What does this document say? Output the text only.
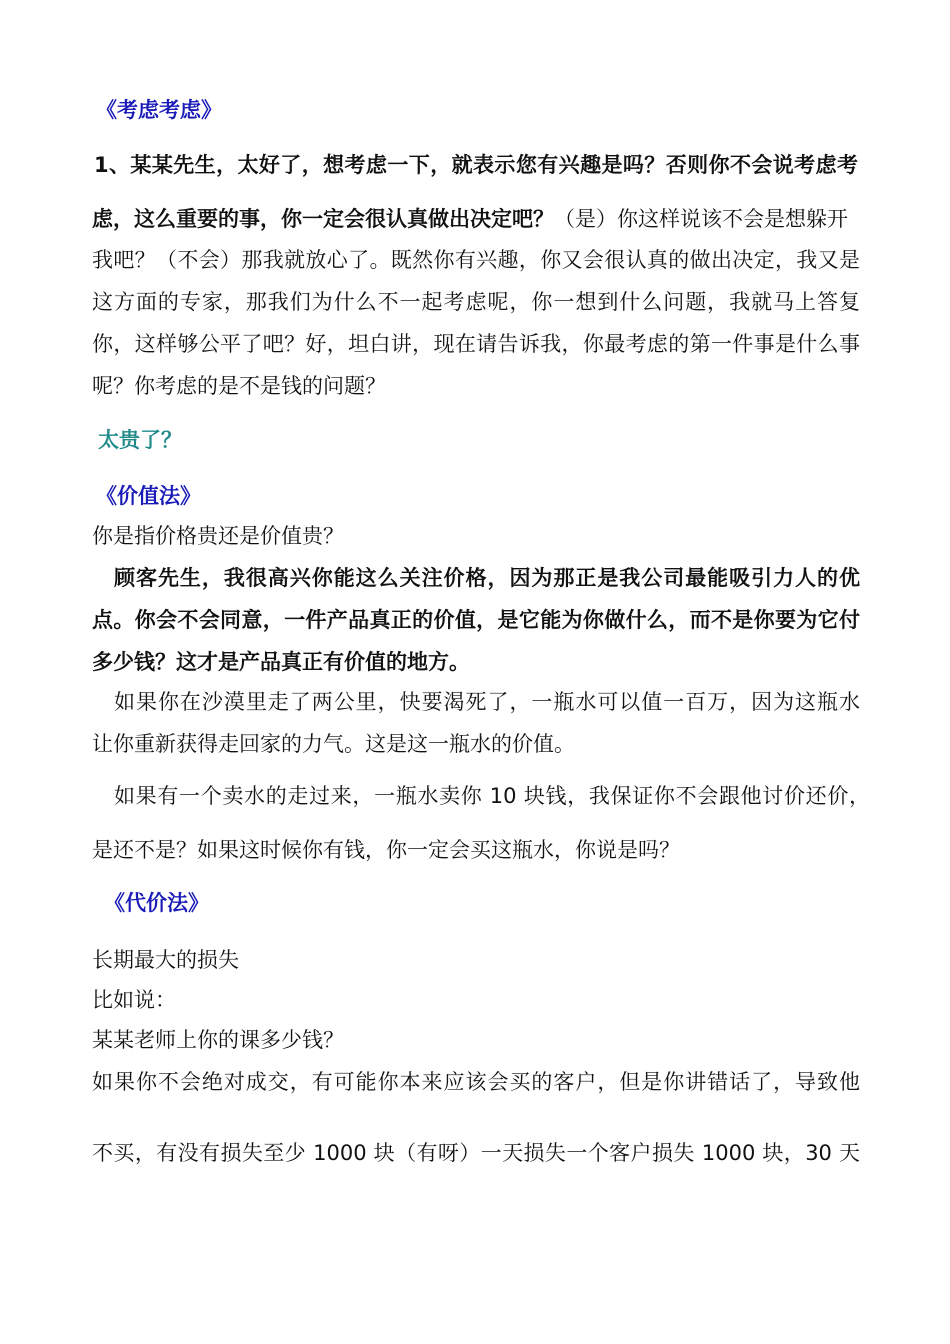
《考虑考虑》
1、某某先生，太好了，想考虑一下，就表示您有兴趣是吗？否则你不会说考虑考
虑，这么重要的事，你一定会很认真做出决定吧？（是）你这样说该不会是想躲开
我吧？（不会）那我就放心了。既然你有兴趣，你又会很认真的做出决定，我又是
这方面的专家，那我们为什么不一起考虑呢，你一想到什么问题，我就马上答复
你，这样够公平了吧？好，坦白讲，现在请告诉我，你最考虑的第一件事是什么事
呢？你考虑的是不是钱的问题？
太贵了？
《价值法》
你是指价格贵还是价值贵？
顾客先生，我很高兴你能这么关注价格，因为那正是我公司最能吸引力人的优
点。你会不会同意，一件产品真正的价值，是它能为你做什么，而不是你要为它付
多少钱？这才是产品真正有价值的地方。
如果你在沙漠里走了两公里，快要渴死了，一瓶水可以值一百万，因为这瓶水
让你重新获得走回家的力气。这是这一瓶水的价值。
如果有一个卖水的走过来，一瓶水卖你 10 块钱，我保证你不会跟他讨价还价，
是还不是？如果这时候你有钱，你一定会买这瓶水，你说是吗？
《代价法》
长期最大的损失
比如说：
某某老师上你的课多少钱？
如果你不会绝对成交，有可能你本来应该会买的客户，但是你讲错话了，导致他
不买，有没有损失至少 1000 块（有呀）一天损失一个客户损失 1000 块，30 天
